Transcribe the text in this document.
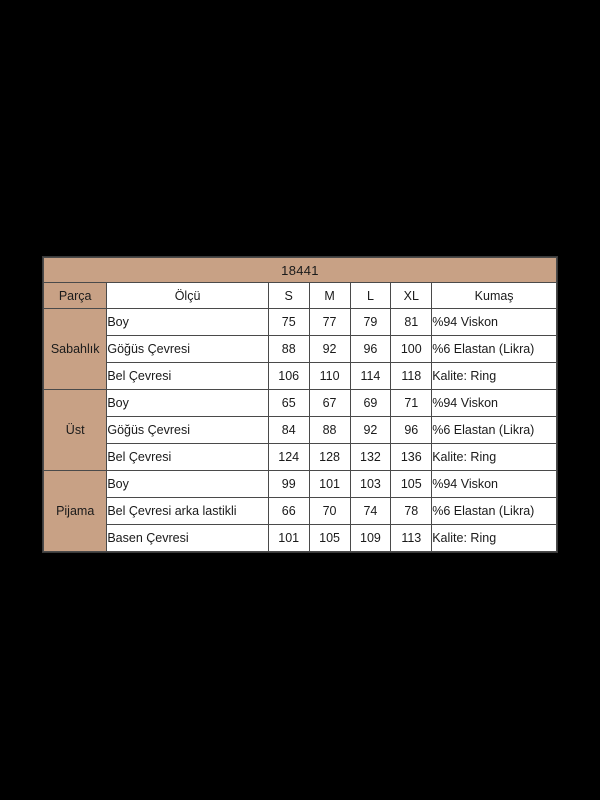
18441						
Parça	Ölçü	S	M	L	XL	Kumaş
Sabahlık	Boy	75	77	79	81	%94 Viskon
	Göğüs Çevresi	88	92	96	100	%6 Elastan (Likra)
	Bel Çevresi	106	110	114	118	Kalite: Ring
Üst	Boy	65	67	69	71	%94 Viskon
	Göğüs Çevresi	84	88	92	96	%6 Elastan (Likra)
	Bel Çevresi	124	128	132	136	Kalite: Ring
Pijama	Boy	99	101	103	105	%94 Viskon
	Bel Çevresi arka lastikli	66	70	74	78	%6 Elastan (Likra)
	Basen Çevresi	101	105	109	113	Kalite: Ring
